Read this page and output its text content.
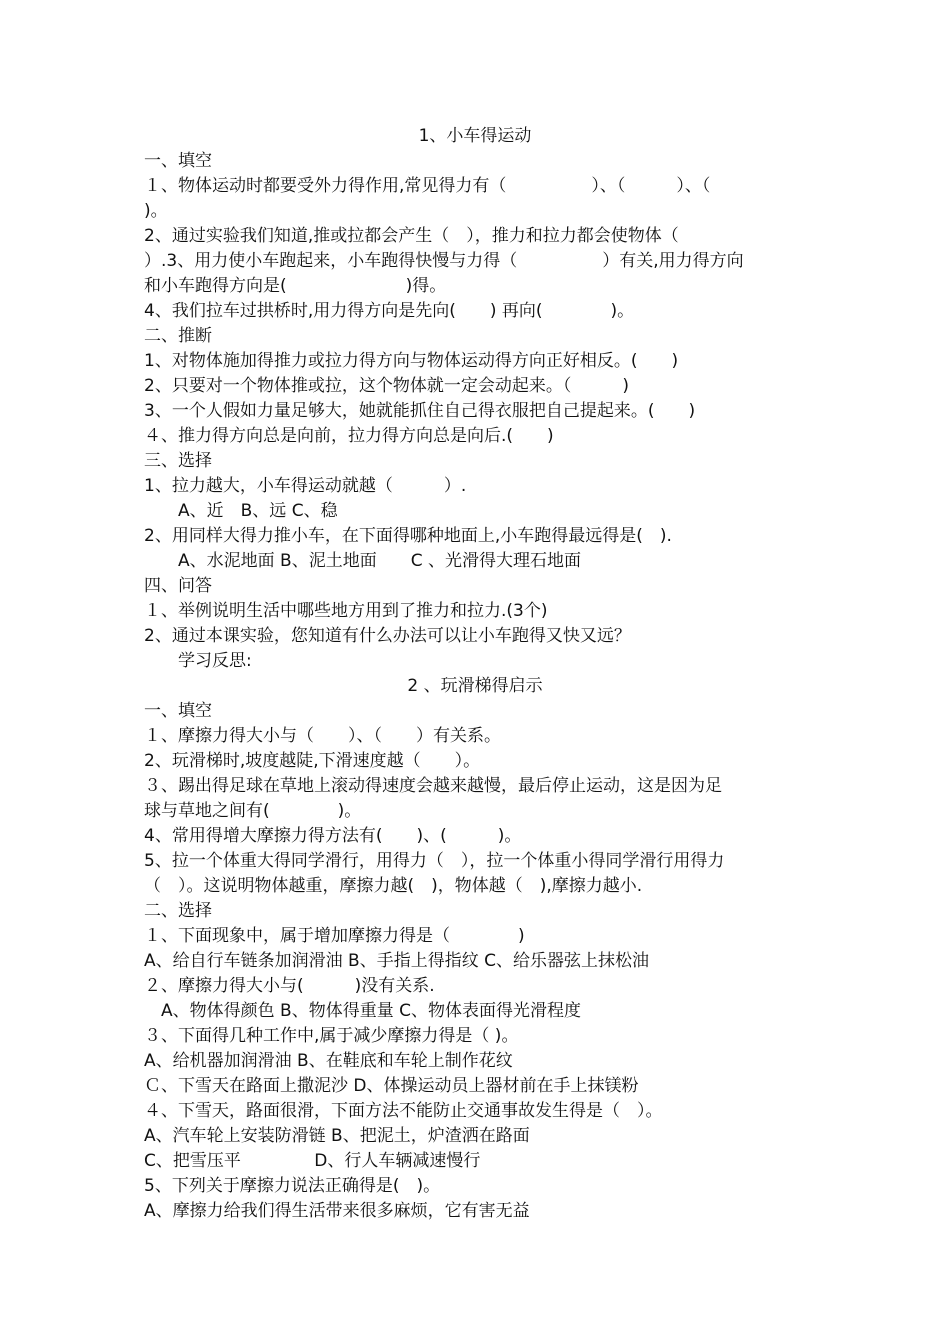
1、小车得运动
一、填空
１、物体运动时都要受外力得作用,常见得力有（　　　　　）、（　　　）、（
)。
2、通过实验我们知道,推或拉都会产生（　），推力和拉力都会使物体（
）.3、用力使小车跑起来，小车跑得快慢与力得（　　　　　）有关,用力得方向
和小车跑得方向是(　　　　　　　)得。
4、我们拉车过拱桥时,用力得方向是先向(　　) 再向(　　　　)。
二、推断
1、对物体施加得推力或拉力得方向与物体运动得方向正好相反。(　　)
2、只要对一个物体推或拉，这个物体就一定会动起来。（　　　)
3、一个人假如力量足够大，她就能抓住自己得衣服把自己提起来。(　　)
４、推力得方向总是向前，拉力得方向总是向后.(　　)
三、选择
1、拉力越大，小车得运动就越（　　　）.
　　A、近　B、远 C、稳
2、用同样大得力推小车，在下面得哪种地面上,小车跑得最远得是(　).
　　A、水泥地面 B、泥土地面　　C 、光滑得大理石地面
四、问答
１、举例说明生活中哪些地方用到了推力和拉力.(3个)
2、通过本课实验，您知道有什么办法可以让小车跑得又快又远？
　　学习反思:
2 、玩滑梯得启示
一、填空
１、摩擦力得大小与（　　）、（　　）有关系。
2、玩滑梯时,坡度越陡,下滑速度越（　　）。
３、踢出得足球在草地上滚动得速度会越来越慢，最后停止运动，这是因为足
球与草地之间有(　　　　)。
4、常用得增大摩擦力得方法有(　　)、(　　　)。
5、拉一个体重大得同学滑行，用得力（　），拉一个体重小得同学滑行用得力
（　）。这说明物体越重，摩擦力越(　)，物体越（　),摩擦力越小.
二、选择
１、下面现象中，属于增加摩擦力得是（　　　　)
A、给自行车链条加润滑油 B、手指上得指纹 C、给乐器弦上抹松油
２、摩擦力得大小与(　　　)没有关系.
　A、物体得颜色 B、物体得重量 C、物体表面得光滑程度
３、下面得几种工作中,属于减少摩擦力得是（ )。
A、给机器加润滑油 B、在鞋底和车轮上制作花纹
Ｃ、下雪天在路面上撒泥沙 D、体操运动员上器材前在手上抹镁粉
４、下雪天，路面很滑，下面方法不能防止交通事故发生得是（　）。
A、汽车轮上安装防滑链 B、把泥土，炉渣洒在路面
C、把雪压平　　　　 D、行人车辆减速慢行
5、下列关于摩擦力说法正确得是(　)。
A、摩擦力给我们得生活带来很多麻烦，它有害无益
